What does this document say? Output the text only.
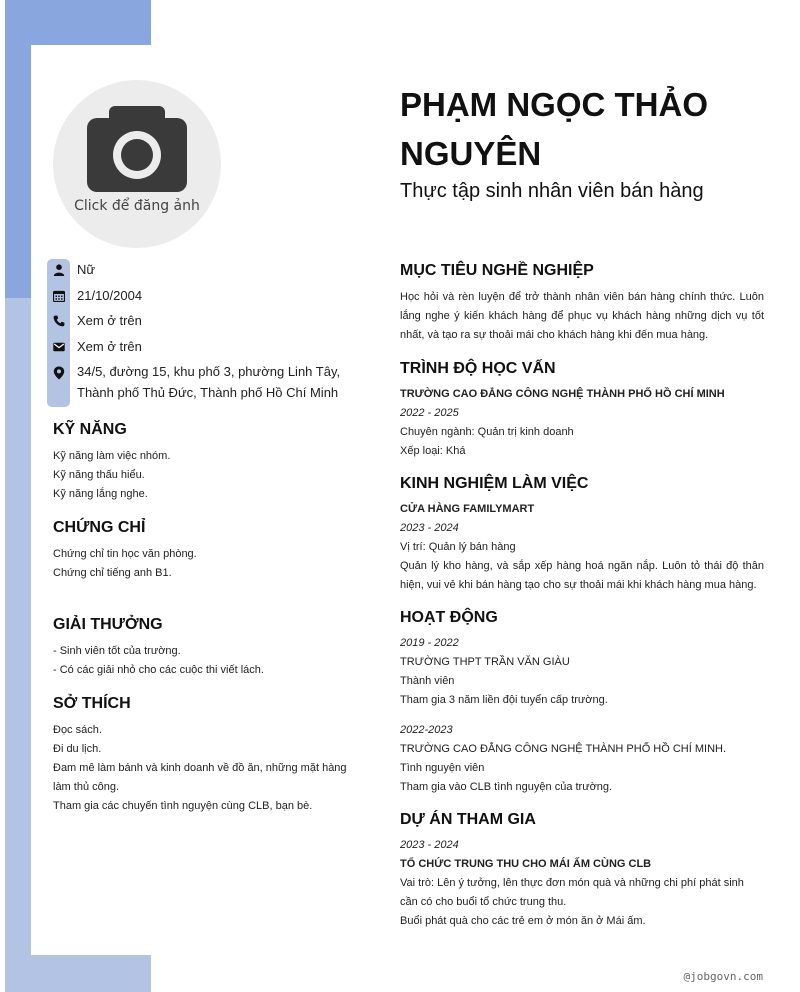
Click để đăng ảnh
Nữ
21/10/2004
Xem ở trên
Xem ở trên
34/5, đường 15, khu phố 3, phường Linh Tây, Thành phố Thủ Đức, Thành phố Hồ Chí Minh
KỸ NĂNG
Kỹ năng làm việc nhóm.
Kỹ năng thấu hiểu.
Kỹ năng lắng nghe.
CHỨNG CHỈ
Chứng chỉ tin học văn phòng.
Chứng chỉ tiếng anh B1.
GIẢI THƯỞNG
- Sinh viên tốt của trường.
- Có các giải nhỏ cho các cuộc thi viết lách.
SỞ THÍCH
Đọc sách.
Đi du lịch.
Đam mê làm bánh và kinh doanh về đồ ăn, những mặt hàng làm thủ công.
Tham gia các chuyến tình nguyện cùng CLB, bạn bè.
PHẠM NGỌC THẢO NGUYÊN
Thực tập sinh nhân viên bán hàng
MỤC TIÊU NGHỀ NGHIỆP
Học hỏi và rèn luyện để trở thành nhân viên bán hàng chính thức. Luôn lắng nghe ý kiến khách hàng để phục vụ khách hàng những dịch vụ tốt nhất, và tạo ra sự thoải mái cho khách hàng khi đến mua hàng.
TRÌNH ĐỘ HỌC VẤN
TRƯỜNG CAO ĐẲNG CÔNG NGHỆ THÀNH PHỐ HỒ CHÍ MINH
2022 - 2025
Chuyên ngành: Quản trị kinh doanh
Xếp loại: Khá
KINH NGHIỆM LÀM VIỆC
CỬA HÀNG FAMILYMART
2023 - 2024
Vị trí: Quản lý bán hàng
Quản lý kho hàng, và sắp xếp hàng hoá ngăn nắp. Luôn tỏ thái độ thân hiện, vui vẻ khi bán hàng tạo cho sự thoải mái khi khách hàng mua hàng.
HOẠT ĐỘNG
2019 - 2022
TRƯỜNG THPT TRẦN VĂN GIÀU
Thành viên
Tham gia 3 năm liền đội tuyển cấp trường.
2022-2023
TRƯỜNG CAO ĐẲNG CÔNG NGHỆ THÀNH PHỐ HỒ CHÍ MINH.
Tình nguyện viên
Tham gia vào CLB tình nguyện của trường.
DỰ ÁN THAM GIA
2023 - 2024
TỔ CHỨC TRUNG THU CHO MÁI ẤM CÙNG CLB
Vai trò: Lên ý tưởng, lên thực đơn món quà và những chi phí phát sinh cần có cho buổi tổ chức trung thu.
Buổi phát quà cho các trẻ em ở món ăn ở Mái ấm.
@jobgovn.com
